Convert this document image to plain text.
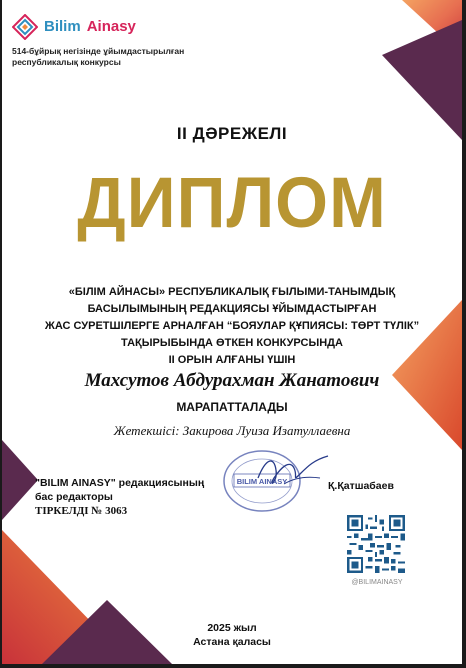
Bilim Ainasy
514-бұйрық негізінде ұйымдастырылған
республикалық конкурсы
II ДӘРЕЖЕЛІ
ДИПЛОМ
«БІЛІМ АЙНАСЫ» РЕСПУБЛИКАЛЫҚ ҒЫЛЫМИ-ТАНЫМДЫҚ
БАСЫЛЫМЫНЫҢ РЕДАКЦИЯСЫ ҰЙЫМДАСТЫРҒАН
ЖАС СУРЕТШІЛЕРГЕ АРНАЛҒАН “БОЯУЛАР ҚҰПИЯСЫ: ТӨРТ ТҮЛІК”
ТАҚЫРЫБЫНДА ӨТКЕН КОНКУРСЫНДА
II ОРЫН АЛҒАНЫ ҮШІН
Махсутов Абдурахман Жанатович
МАРАПАТТАЛАДЫ
Жетекшісі: Закирова Луиза Изатуллаевна
"BILIM AINASY" редакциясының
бас редакторы
ТІРКЕЛДІ № 3063
BILIM AINASY	Қ.Қатшабаев
@BILIMAINASY
2025 жыл
Астана қаласы
